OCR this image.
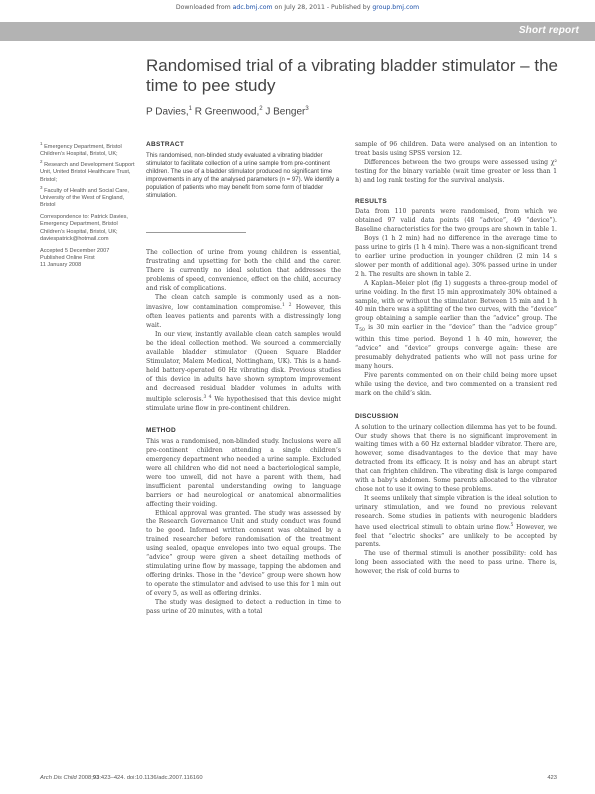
Downloaded from adc.bmj.com on July 28, 2011 - Published by group.bmj.com
Short report
Randomised trial of a vibrating bladder stimulator – the time to pee study
P Davies,$^1$ R Greenwood,$^2$ J Benger$^3$

$^1$ Emergency Department, Bristol Children’s Hospital, Bristol, UK;
$^2$ Research and Development Support Unit, United Bristol Healthcare Trust, Bristol;
$^3$ Faculty of Health and Social Care, University of the West of England, Bristol

Correspondence to: Patrick Davies, Emergency Department, Bristol Children’s Hospital, Bristol, UK; daviespatrick@hotmail.com

Accepted 5 December 2007
Published Online First
11 January 2008

ABSTRACT

This randomised, non-blinded study evaluated a vibrating bladder stimulator to facilitate collection of a urine sample from pre-continent children. The use of a bladder stimulator produced no significant time improvements in any of the analysed parameters (n = 97). We identify a population of patients who may benefit from some form of bladder stimulation.

The collection of urine from young children is essential, frustrating and upsetting for both the child and the carer. There is currently no ideal solution that addresses the problems of speed, convenience, effect on the child, accuracy and risk of complications.

The clean catch sample is commonly used as a non-invasive, low contamination compromise.$^{1 2}$ However, this often leaves patients and parents with a distressingly long wait.

In our view, instantly available clean catch samples would be the ideal collection method. We sourced a commercially available bladder stimulator (Queen Square Bladder Stimulator, Malem Medical, Nottingham, UK). This is a hand-held battery-operated 60 Hz vibrating disk. Previous studies of this device in adults have shown symptom improvement and decreased residual bladder volumes in adults with multiple sclerosis.$^{3 4}$ We hypothesised that this device might stimulate urine flow in pre-continent children.

METHOD

This was a randomised, non-blinded study. Inclusions were all pre-continent children attending a single children’s emergency department who needed a urine sample. Excluded were all children who did not need a bacteriological sample, were too unwell, did not have a parent with them, had insufficient parental understanding owing to language barriers or had neurological or anatomical abnormalities affecting their voiding.

Ethical approval was granted. The study was assessed by the Research Governance Unit and study conduct was found to be good. Informed written consent was obtained by a trained researcher before randomisation of the treatment using sealed, opaque envelopes into two equal groups. The “advice” group were given a sheet detailing methods of stimulating urine flow by massage, tapping the abdomen and offering drinks. Those in the “device” group were shown how to operate the stimulator and advised to use this for 1 min out of every 5, as well as offering drinks.

The study was designed to detect a reduction in time to pass urine of 20 minutes, with a total

sample of 96 children. Data were analysed on an intention to treat basis using SPSS version 12.

Differences between the two groups were assessed using χ² testing for the binary variable (wait time greater or less than 1 h) and log rank testing for the survival analysis.

RESULTS

Data from 110 parents were randomised, from which we obtained 97 valid data points (48 “advice”, 49 “device”). Baseline characteristics for the two groups are shown in table 1.

Boys (1 h 2 min) had no difference in the average time to pass urine to girls (1 h 4 min). There was a non-significant trend to earlier urine production in younger children (2 min 14 s slower per month of additional age). 30% passed urine in under 2 h. The results are shown in table 2.

A Kaplan–Meier plot (fig 1) suggests a three-group model of urine voiding. In the first 15 min approximately 30% obtained a sample, with or without the stimulator. Between 15 min and 1 h 40 min there was a splitting of the two curves, with the “device” group obtaining a sample earlier than the “advice” group. The $T_{50}$ is 30 min earlier in the “device” than the “advice group” within this time period. Beyond 1 h 40 min, however, the “advice” and “device” groups converge again: these are presumably dehydrated patients who will not pass urine for many hours.

Five parents commented on on their child being more upset while using the device, and two commented on a transient red mark on the child’s skin.

DISCUSSION

A solution to the urinary collection dilemma has yet to be found. Our study shows that there is no significant improvement in waiting times with a 60 Hz external bladder vibrator. There are, however, some disadvantages to the device that may have detracted from its efficacy. It is noisy and has an abrupt start that can frighten children. The vibrating disk is large compared with a baby’s abdomen. Some parents allocated to the vibrator chose not to use it owing to these problems.

It seems unlikely that simple vibration is the ideal solution to urinary stimulation, and we found no previous relevant research. Some studies in patients with neurogenic bladders have used electrical stimuli to obtain urine flow.$^5$ However, we feel that “electric shocks” are unlikely to be accepted by parents.

The use of thermal stimuli is another possibility: cold has long been associated with the need to pass urine. There is, however, the risk of cold burns to

Arch Dis Child 2008;93:423–424. doi:10.1136/adc.2007.116160	423
